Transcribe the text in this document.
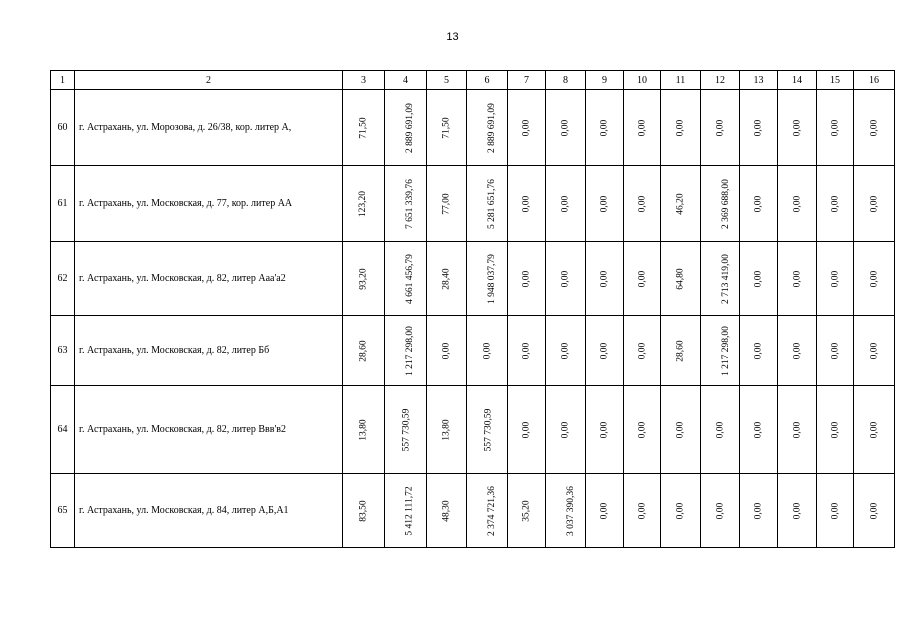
13
1	2	3	4	5	6	7	8	9	10	11	12	13	14	15	16
60	г. Астрахань, ул. Морозова, д. 26/38, кор. литер А,	71,50	2 889 691,09	71,50	2 889 691,09	0,00	0,00	0,00	0,00	0,00	0,00	0,00	0,00	0,00	0,00
61	г. Астрахань, ул. Московская, д. 77, кор. литер АА	123,20	7 651 339,76	77,00	5 281 651,76	0,00	0,00	0,00	0,00	46,20	2 369 688,00	0,00	0,00	0,00	0,00
62	г. Астрахань, ул. Московская, д. 82, литер Аaa'a2	93,20	4 661 456,79	28,40	1 948 037,79	0,00	0,00	0,00	0,00	64,80	2 713 419,00	0,00	0,00	0,00	0,00
63	г. Астрахань, ул. Московская, д. 82, литер Бб	28,60	1 217 298,00	0,00	0,00	0,00	0,00	0,00	0,00	28,60	1 217 298,00	0,00	0,00	0,00	0,00
64	г. Астрахань, ул. Московская, д. 82, литер Ввв'в2	13,80	557 730,59	13,80	557 730,59	0,00	0,00	0,00	0,00	0,00	0,00	0,00	0,00	0,00	0,00
65	г. Астрахань, ул. Московская, д. 84, литер А,Б,А1	83,50	5 412 111,72	48,30	2 374 721,36	35,20	3 037 390,36	0,00	0,00	0,00	0,00	0,00	0,00	0,00	0,00
